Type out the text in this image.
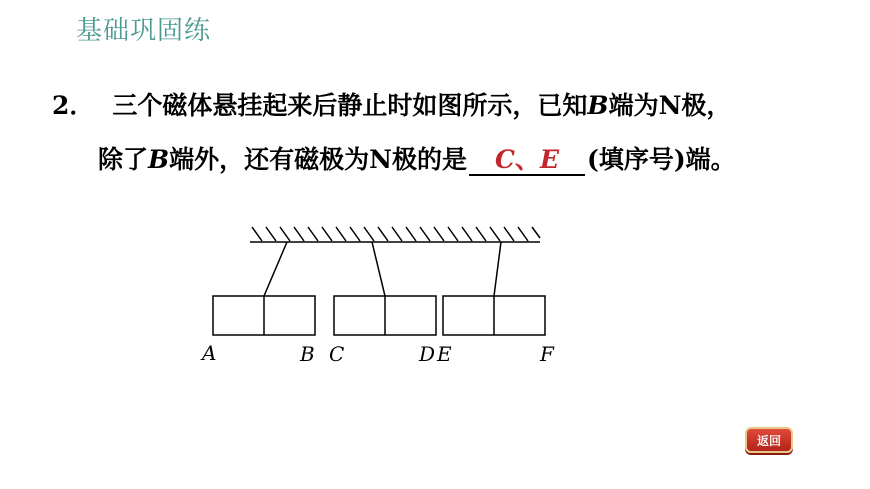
基础巩固练
2． 三个磁体悬挂起来后静止时如图所示，已知B端为N极，
除了B端外，还有磁极为N极的是 C、E (填序号)端。
A	B C	D E	F
返回
